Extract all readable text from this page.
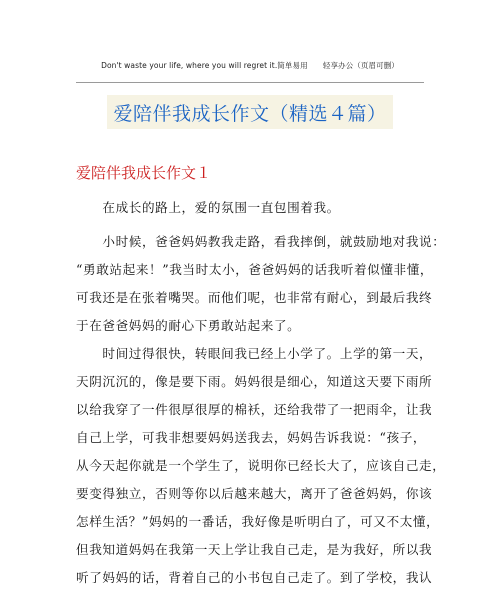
Don't waste your life, where you will regret it.简单易用　　轻享办公（页眉可删）
爱陪伴我成长作文（精选４篇）
爱陪伴我成长作文１
　　在成长的路上，爱的氛围一直包围着我。
　　小时候，爸爸妈妈教我走路，看我摔倒，就鼓励地对我说：
“勇敢站起来！”我当时太小，爸爸妈妈的话我听着似懂非懂，
可我还是在张着嘴哭。而他们呢，也非常有耐心，到最后我终
于在爸爸妈妈的耐心下勇敢站起来了。
　　时间过得很快，转眼间我已经上小学了。上学的第一天，
天阴沉沉的，像是要下雨。妈妈很是细心，知道这天要下雨所
以给我穿了一件很厚很厚的棉袄，还给我带了一把雨伞，让我
自己上学，可我非想要妈妈送我去，妈妈告诉我说：“孩子，
从今天起你就是一个学生了，说明你已经长大了，应该自己走，
要变得独立，否则等你以后越来越大，离开了爸爸妈妈，你该
怎样生活？”妈妈的一番话，我好像是听明白了，可又不太懂，
但我知道妈妈在我第一天上学让我自己走，是为我好，所以我
听了妈妈的话，背着自己的小书包自己走了。到了学校，我认
